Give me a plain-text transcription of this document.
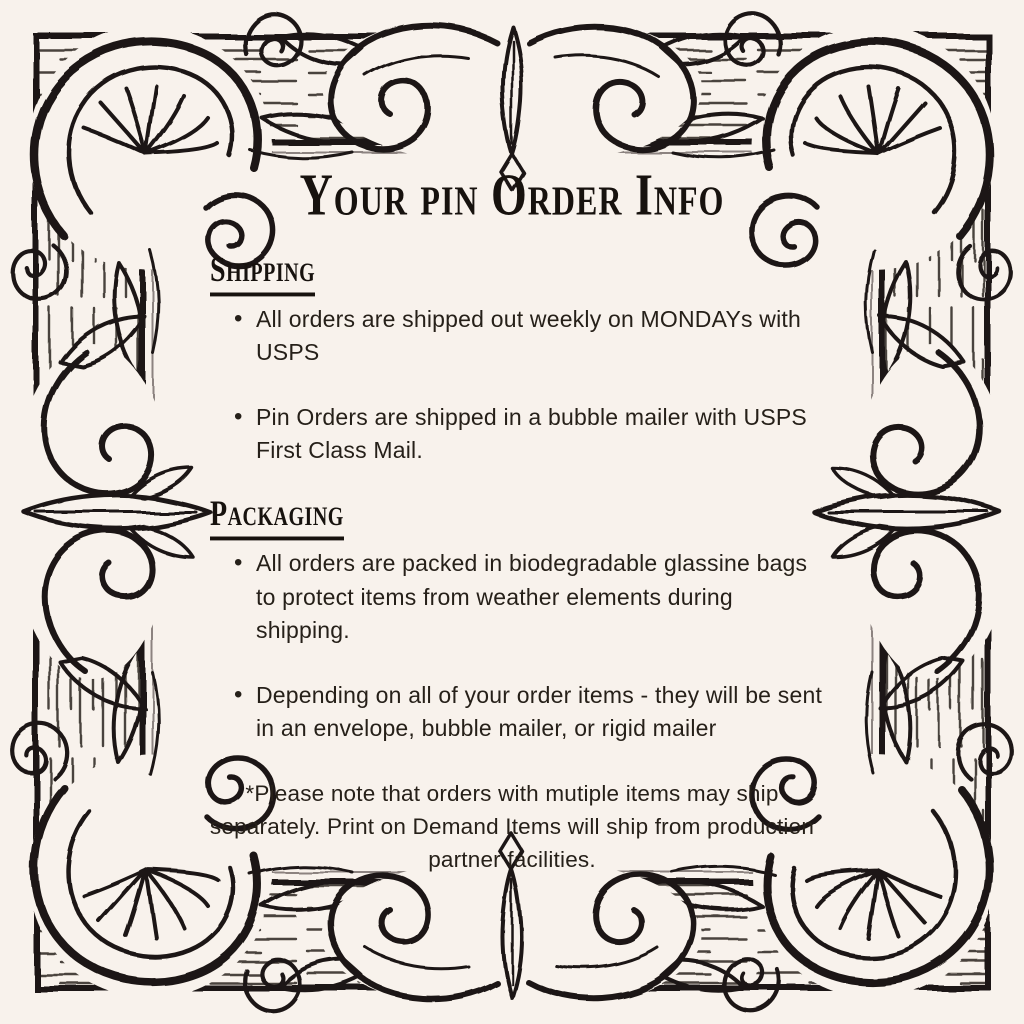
Your pin Order Info
Shipping
• All orders are shipped out weekly on MONDAYs with USPS
• Pin Orders are shipped in a bubble mailer with USPS First Class Mail.
Packaging
• All orders are packed in biodegradable glassine bags to protect items from weather elements during shipping.
• Depending on all of your order items - they will be sent in an envelope, bubble mailer, or rigid mailer

*Please note that orders with mutiple items may ship separately. Print on Demand Items will ship from production partner facilities.
